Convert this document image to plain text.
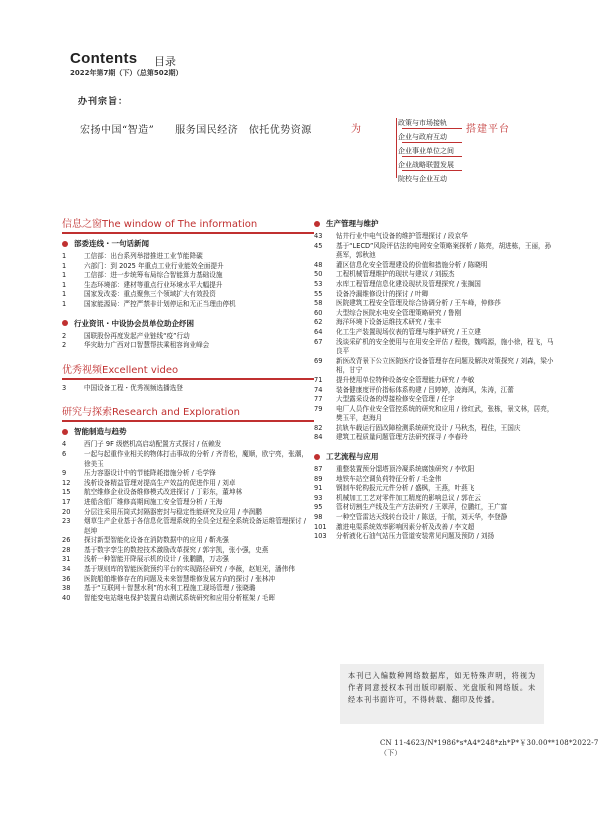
Contents 目录
2022年第7期（下）（总第502期）
办刊宗旨：
宏扬中国“智造”　　服务国民经济　依托优势资源	为	搭建平台
政策与市场接轨
企业与政府互动
企业事业单位之间
企业战略联盟发展
院校与企业互动
信息之窗The window of The information
部委连线・一句话新闻
1	工信部：出台系列举措推进工业节能降碳
1	六部门：到 2025 年重点工业行业能效全面提升
1	工信部：进一步统筹布局综合智能算力基础设施
1	生态环境部：建材等重点行业环境水平大幅提升
1	国家发改委：重点聚焦三个领域扩大有效投资
1	国家能源局：严控严禁非计划停运和无正当理由停机
行业资讯・中设协会员单位助企纾困
2	国联股份再度发起产业链线“疫”行动
2	华灾助力广西对口智慧帮扶乘租容询业峰会
优秀视频Excellent video
3	中国设备工程・优秀视频选播选登
研究与探索Research and Exploration
智能制造与趋势
4	西门子 9F 级燃机高启动配置方式探讨 / 伍赖发
6	一起与起重作业相关的物体打击事故的分析 / 齐青松，魔顺，欧宁亮，张潮，徐美玉
9	压力容器设计中的节能降耗措施分析 / 毛学锋
12	浅析设备精益管理对提高生产效益的促进作用 / 刘卓
15	航空维修企业设备维修模式改进探讨 / 丁彩东，董坤林
17	进船含船厂维修高期间施工安全管理分析 / 王海
20	分层注采用压筒式封隔器密封与稳定性能研究及应用 / 李润鹏
23	烟草生产企业基于各信息化管理系统的全员全过程全系统设备运维管理探讨 / 赵坤
26	探讨新型智能化设备在消防数据中的应用 / 靳兆强
28	基于数字孪生的数控技术激励改革探究 / 郭宇凯，张小强，史燕
31	浅析一种智能开降展示机的设计 / 张鹏鹏，万志强
34	基于规则库的智能医院预约平台的实现路径研究 / 李薇，赵旭光，潘伟伟
36	医院船舶维修存在的问题及未来智慧维修发展方向的探讨 / 张林冲
38	基于“互联网＋智慧水利”的水利工程施工现场管理 / 张晓璐
40	智能变电站继电保护装置自动测试系统研究和应用分析框架 / 毛晖
生产管理与维护
43	钻井行业中电气设备的维护管理探讨 / 段京华
45	基于“LECD”风险评估法的电网安全策略案探析 / 陈亮，胡进栋，王丽，孙燕军，郭秋池
48	灌区信息化安全管理建设的价值和措施分析 / 陈晓明
50	工程机械管理维护的现状与建议 / 刘振杰
53	水库工程管理信息化建设现状及管理探究 / 张搁国
55	设备冷漏维修设计的探讨 / 叶卿
58	医院建筑工程安全管理及综合协调分析 / 王车峰，仲修莎
60	大型综合医院水电安全管理策略研究 / 鲁刚
62	海洋环境下设备运维技术研究 / 张丰
64	化工生产装置现场仪表的管理与维护研究 / 王立建
67	浅谈采矿机的安全使用与在用安全评估 / 程俊，魏鸣源，施小徐，程飞，马良平
69	新医改背景下公立医院医疗设备管理存在问题及解决对策探究 / 刘森，梁小相，甘宁
71	提升使用单位特种设备安全管理能力研究 / 李敏
74	装备健康度评价指标体系构建 / 吕婷婷，凌海风，朱涛，江蕾
77	大型露采设备的焊接检修安全管理 / 任宇
79	电厂人员作业安全管控系统的研究和应用 / 徐红武，张栋，景文林，居亮，樊玉平，赵海月
82	抗轨车载运行固改障检测系统研究设计 / 马秋杰，程佳，王国庆
84	建筑工程质量问题管理方法研究探寻 / 李春玲
工艺流程与应用
87	重整装置预分馏塔顶冷凝系统腐蚀研究 / 李钦阳
89	地铁车站空调负荷特征分析 / 毛金伟
91	钢制车轮构报元元件分析 / 盛枫，王燕，叶燕飞
93	机械加工工艺对零件加工精度的影响总议 / 郭在云
95	管材切割生产线及生产方法研究 / 王翠萍，位鹏红，王广富
98	一种空管雷达天线转台设计 / 陈送，于航，刘天华，李登静
101	激进电渠系统效率影响因素分析及改善 / 李文超
103	分析液化石油气站压力管道安装常见问题及预防 / 刘扬
本刊已入编数种网络数据库，如无特殊声明，将视为作者同意授权本刊出版印刷版、光盘版和网络版。未经本刊书面许可，不得转载、翻印及传播。
CN 11-4623/N*1986*s*A4*248*zh*P*￥30.00**108*2022-7（下）
